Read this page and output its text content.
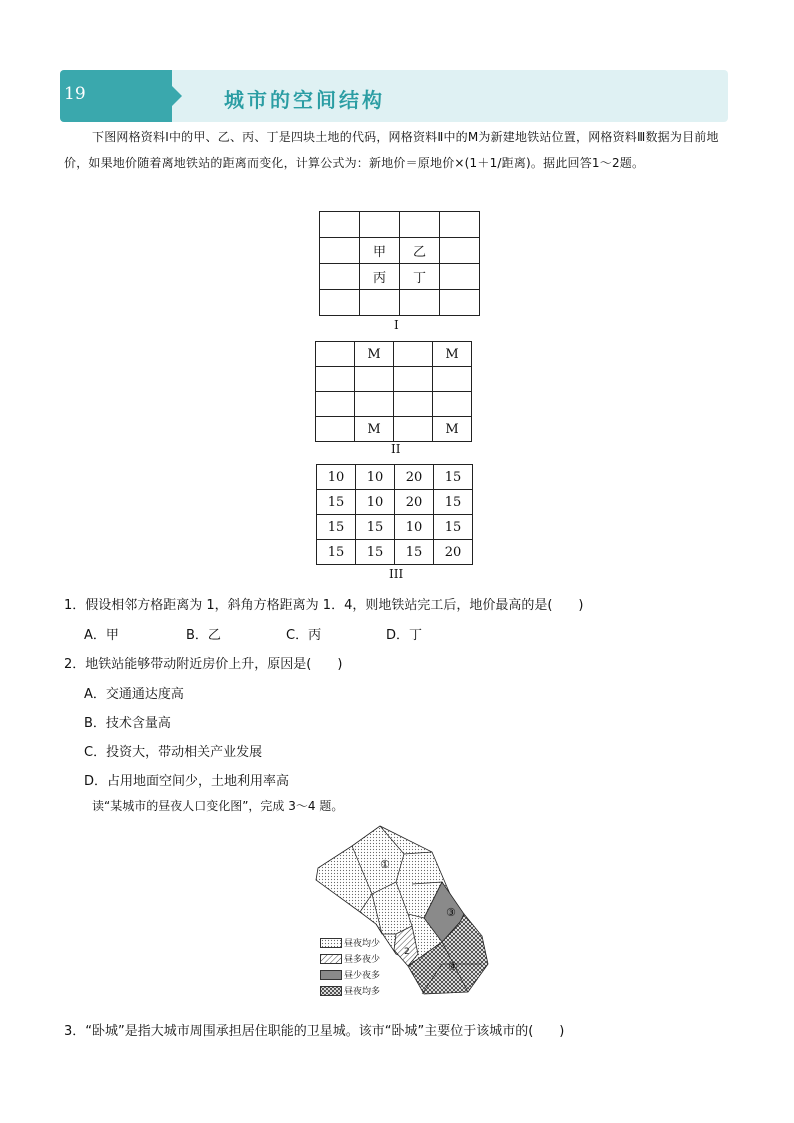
19	城市的空间结构
下图网格资料Ⅰ中的甲、乙、丙、丁是四块土地的代码，网格资料Ⅱ中的M为新建地铁站位置，网格资料Ⅲ数据为目前地价，如果地价随着离地铁站的距离而变化，计算公式为：新地价＝原地价×(1＋1/距离)。据此回答1～2题。

	甲	乙	
	丙	丁	

I
	M		M

	M		M
II
10	10	20	15
15	10	20	15
15	15	10	15
15	15	15	20
III
1．假设相邻方格距离为 1，斜角方格距离为 1．4，则地铁站完工后，地价最高的是(　　)
A．甲	B．乙	C．丙	D．丁
2．地铁站能够带动附近房价上升，原因是(　　)
A．交通通达度高
B．技术含量高
C．投资大，带动相关产业发展
D．占用地面空间少，土地利用率高
读“某城市的昼夜人口变化图”，完成 3～4 题。
①
2
③
④
昼夜均少
昼多夜少
昼少夜多
昼夜均多
3．“卧城”是指大城市周围承担居住职能的卫星城。该市“卧城”主要位于该城市的(　　)
